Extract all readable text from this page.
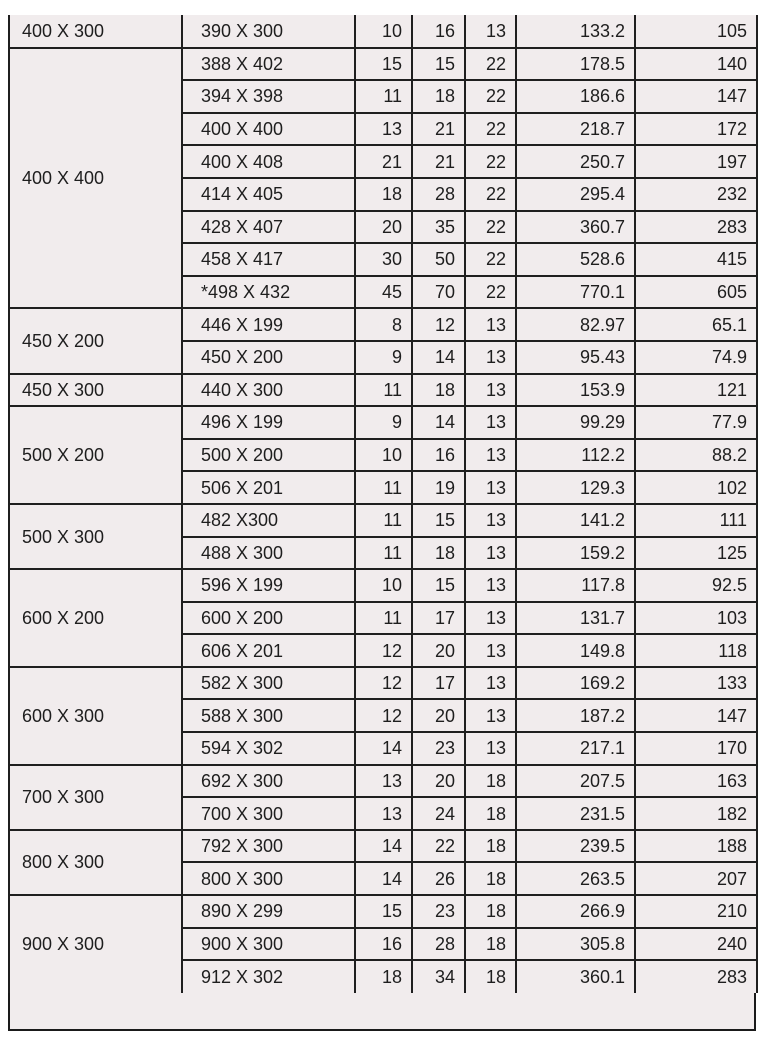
400 X 300	390 X 300	10	16	13	133.2	105
400 X 400	388 X 402	15	15	22	178.5	140
	394 X 398	11	18	22	186.6	147
	400 X 400	13	21	22	218.7	172
	400 X 408	21	21	22	250.7	197
	414 X 405	18	28	22	295.4	232
	428 X 407	20	35	22	360.7	283
	458 X 417	30	50	22	528.6	415
	*498 X 432	45	70	22	770.1	605
450 X 200	446 X 199	8	12	13	82.97	65.1
	450 X 200	9	14	13	95.43	74.9
450 X 300	440 X 300	11	18	13	153.9	121
500 X 200	496 X 199	9	14	13	99.29	77.9
	500 X 200	10	16	13	112.2	88.2
	506 X 201	11	19	13	129.3	102
500 X 300	482 X300	11	15	13	141.2	111
	488 X 300	11	18	13	159.2	125
600 X 200	596 X 199	10	15	13	117.8	92.5
	600 X 200	11	17	13	131.7	103
	606 X 201	12	20	13	149.8	118
600 X 300	582 X 300	12	17	13	169.2	133
	588 X 300	12	20	13	187.2	147
	594 X 302	14	23	13	217.1	170
700 X 300	692 X 300	13	20	18	207.5	163
	700 X 300	13	24	18	231.5	182
800 X 300	792 X 300	14	22	18	239.5	188
	800 X 300	14	26	18	263.5	207
900 X 300	890 X 299	15	23	18	266.9	210
	900 X 300	16	28	18	305.8	240
	912 X 302	18	34	18	360.1	283
